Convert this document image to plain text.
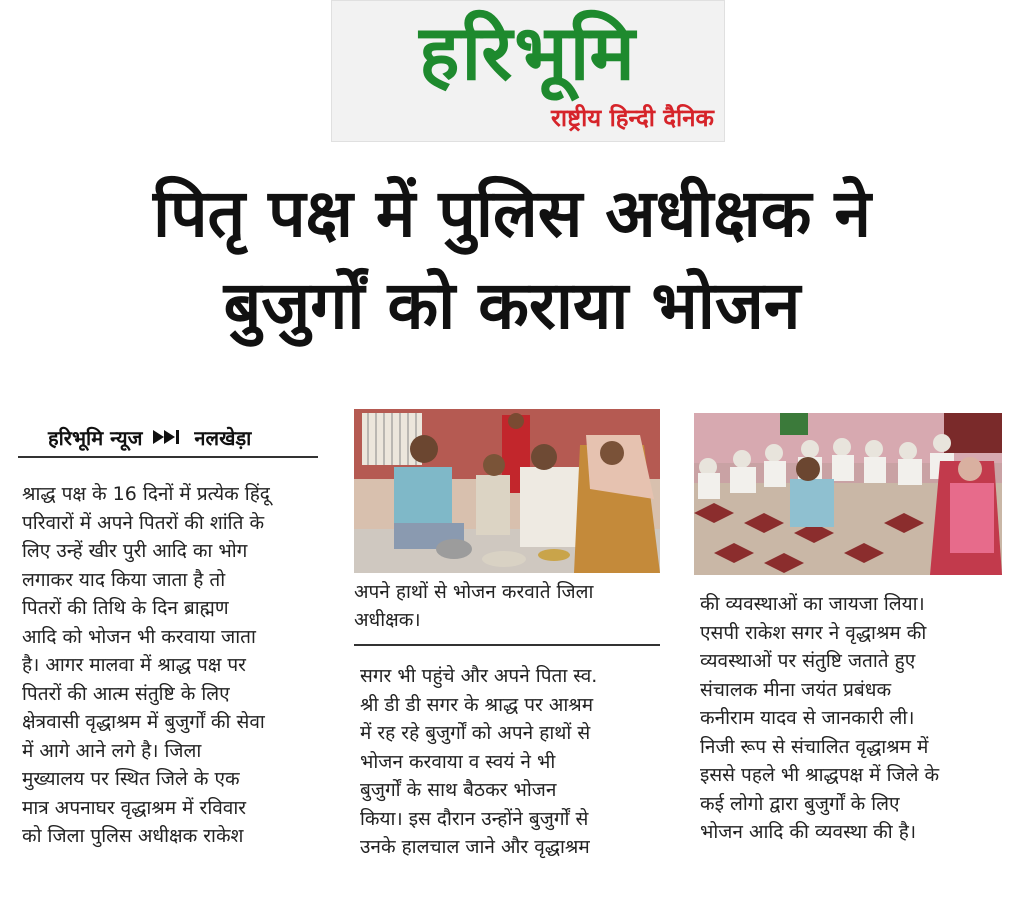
हरिभूमि
राष्ट्रीय हिन्दी दैनिक
पितृ पक्ष में पुलिस अधीक्षक ने
बुजुर्गों को कराया भोजन
हरिभूमि न्यूज	नलखेड़ा
श्राद्ध पक्ष के 16 दिनों में प्रत्येक हिंदू
परिवारों में अपने पितरों की शांति के
लिए उन्हें खीर पुरी आदि का भोग
लगाकर याद किया जाता है तो
पितरों की तिथि के दिन ब्राह्मण
आदि को भोजन भी करवाया जाता
है। आगर मालवा में श्राद्ध पक्ष पर
पितरों की आत्म संतुष्टि के लिए
क्षेत्रवासी वृद्धाश्रम में बुजुर्गों की सेवा
में आगे आने लगे है। जिला
मुख्यालय पर स्थित जिले के एक
मात्र अपनाघर वृद्धाश्रम में रविवार
को जिला पुलिस अधीक्षक राकेश
अपने हाथों से भोजन करवाते जिला
अधीक्षक।
सगर भी पहुंचे और अपने पिता स्व.
श्री डी डी सगर के श्राद्ध पर आश्रम
में रह रहे बुजुर्गों को अपने हाथों से
भोजन करवाया व स्वयं ने भी
बुजुर्गों के साथ बैठकर भोजन
किया। इस दौरान उन्होंने बुजुर्गों से
उनके हालचाल जाने और वृद्धाश्रम
की व्यवस्थाओं का जायजा लिया।
एसपी राकेश सगर ने वृद्धाश्रम की
व्यवस्थाओं पर संतुष्टि जताते हुए
संचालक मीना जयंत प्रबंधक
कनीराम यादव से जानकारी ली।
निजी रूप से संचालित वृद्धाश्रम में
इससे पहले भी श्राद्धपक्ष में जिले के
कई लोगो द्वारा बुजुर्गों के लिए
भोजन आदि की व्यवस्था की है।
